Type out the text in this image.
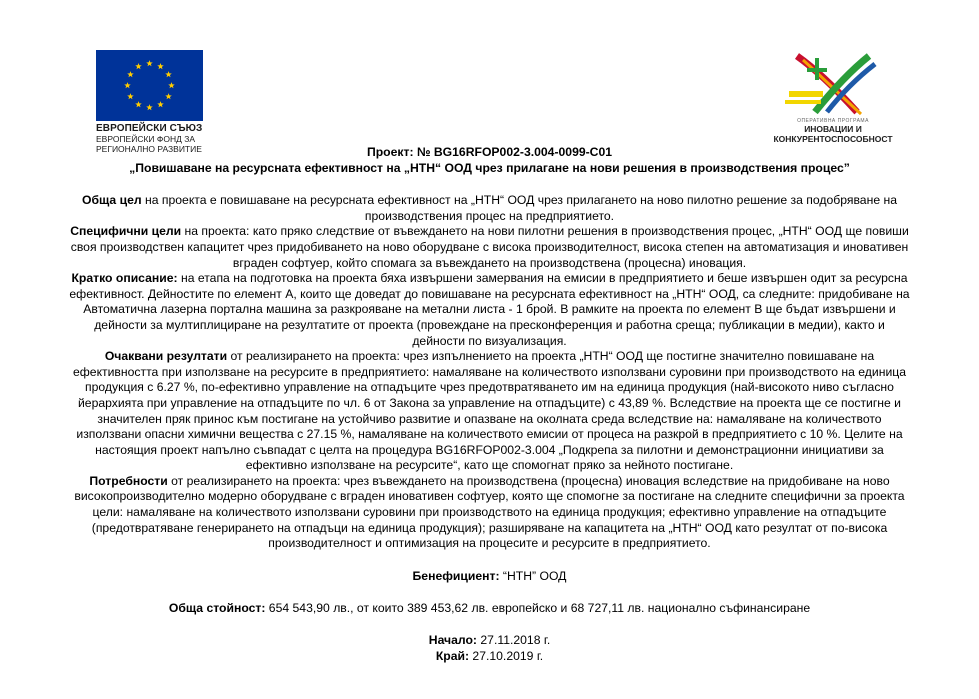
ЕВРОПЕЙСКИ СЪЮЗ
ЕВРОПЕЙСКИ ФОНД ЗА
РЕГИОНАЛНО РАЗВИТИЕ
ОПЕРАТИВНА ПРОГРАМА
ИНОВАЦИИ И
КОНКУРЕНТОСПОСОБНОСТ

Проект: № BG16RFOP002-3.004-0099-C01

„Повишаване на ресурсната ефективност на „НТН“ ООД чрез прилагане на нови решения в производствения процес”

Обща цел на проекта е повишаване на ресурсната ефективност на „НТН“ ООД чрез прилагането на ново пилотно решение за подобряване на

производствения процес на предприятието.

Специфични цели на проекта: като пряко следствие от въвеждането на нови пилотни решения в производствения процес, „НТН“ ООД ще повиши

своя производствен капацитет чрез придобиването на ново оборудване с висока производителност, висока степен на автоматизация и иновативен

вграден софтуер, който спомага за въвеждането на производствена (процесна) иновация.

Кратко описание: на етапа на подготовка на проекта бяха извършени замервания на емисии в предприятието и беше извършен одит за ресурсна

ефективност. Дейностите по елемент А, които ще доведат до повишаване на ресурсната ефективност на „НТН“ ООД, са следните: придобиване на

Автоматична лазерна портална машина за разкрояване на метални листа - 1 брой. В рамките на проекта по елемент В ще бъдат извършени и

дейности за мултиплициране на резултатите от проекта (провеждане на пресконференция и работна среща; публикации в медии), както и

дейности по визуализация.

Очаквани резултати от реализирането на проекта: чрез изпълнението на проекта „НТН“ ООД ще постигне значително повишаване на

ефективността при използване на ресурсите в предприятието: намаляване на количеството използвани суровини при производството на единица

продукция с 6.27 %, по-ефективно управление на отпадъците чрез предотвратяването им на единица продукция (най-високото ниво съгласно

йерархията при управление на отпадъците по чл. 6 от Закона за управление на отпадъците) с 43,89 %. Вследствие на проекта ще се постигне и

значителен пряк принос към постигане на устойчиво развитие и опазване на околната среда вследствие на: намаляване на количеството

използвани опасни химични вещества с 27.15 %, намаляване на количеството емисии от процеса на разкрой в предприятието с 10 %. Целите на

настоящия проект напълно съвпадат с целта на процедура BG16RFOP002-3.004 „Подкрепа за пилотни и демонстрационни инициативи за

ефективно използване на ресурсите“, като ще спомогнат пряко за нейното постигане.

Потребности от реализирането на проекта: чрез въвеждането на производствена (процесна) иновация вследствие на придобиване на ново

високопроизводително модерно оборудване с вграден иновативен софтуер, която ще спомогне за постигане на следните специфични за проекта

цели: намаляване на количеството използвани суровини при производството на единица продукция; ефективно управление на отпадъците

(предотвратяване генерирането на отпадъци на единица продукция); разширяване на капацитета на „НТН“ ООД като резултат от по-висока

производителност и оптимизация на процесите и ресурсите в предприятието.

Бенефициент: “НТН” ООД

Обща стойност: 654 543,90 лв., от които 389 453,62 лв. европейско и 68 727,11 лв. национално съфинансиране

Начало: 27.11.2018 г.

Край: 27.10.2019 г.
